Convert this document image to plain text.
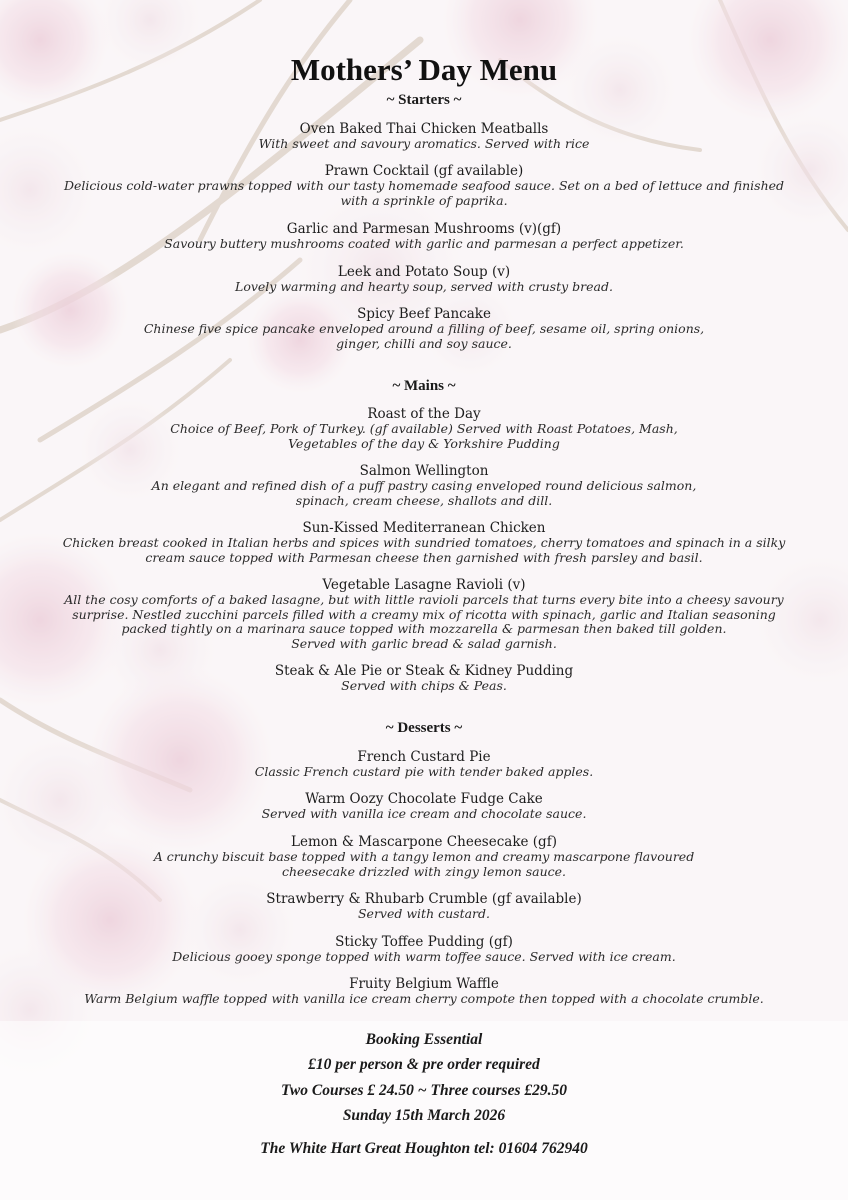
Mothers’ Day Menu
~ Starters ~
Oven Baked Thai Chicken Meatballs
With sweet and savoury aromatics. Served with rice
Prawn Cocktail (gf available)
Delicious cold-water prawns topped with our tasty homemade seafood sauce. Set on a bed of lettuce and finished
with a sprinkle of paprika.
Garlic and Parmesan Mushrooms (v)(gf)
Savoury buttery mushrooms coated with garlic and parmesan a perfect appetizer.
Leek and Potato Soup (v)
Lovely warming and hearty soup, served with crusty bread.
Spicy Beef Pancake
Chinese five spice pancake enveloped around a filling of beef, sesame oil, spring onions,
ginger, chilli and soy sauce.
~ Mains ~
Roast of the Day
Choice of Beef, Pork of Turkey. (gf available) Served with Roast Potatoes, Mash,
Vegetables of the day & Yorkshire Pudding
Salmon Wellington
An elegant and refined dish of a puff pastry casing enveloped round delicious salmon,
spinach, cream cheese, shallots and dill.
Sun-Kissed Mediterranean Chicken
Chicken breast cooked in Italian herbs and spices with sundried tomatoes, cherry tomatoes and spinach in a silky
cream sauce topped with Parmesan cheese then garnished with fresh parsley and basil.
Vegetable Lasagne Ravioli (v)
All the cosy comforts of a baked lasagne, but with little ravioli parcels that turns every bite into a cheesy savoury
surprise. Nestled zucchini parcels filled with a creamy mix of ricotta with spinach, garlic and Italian seasoning
packed tightly on a marinara sauce topped with mozzarella & parmesan then baked till golden.
Served with garlic bread & salad garnish.
Steak & Ale Pie or Steak & Kidney Pudding
Served with chips & Peas.
~ Desserts ~
French Custard Pie
Classic French custard pie with tender baked apples.
Warm Oozy Chocolate Fudge Cake
Served with vanilla ice cream and chocolate sauce.
Lemon & Mascarpone Cheesecake (gf)
A crunchy biscuit base topped with a tangy lemon and creamy mascarpone flavoured
cheesecake drizzled with zingy lemon sauce.
Strawberry & Rhubarb Crumble (gf available)
Served with custard.
Sticky Toffee Pudding (gf)
Delicious gooey sponge topped with warm toffee sauce. Served with ice cream.
Fruity Belgium Waffle
Warm Belgium waffle topped with vanilla ice cream cherry compote then topped with a chocolate crumble.
Booking Essential
£10 per person & pre order required
Two Courses £ 24.50 ~ Three courses £29.50
Sunday 15th March 2026
The White Hart Great Houghton tel: 01604 762940
